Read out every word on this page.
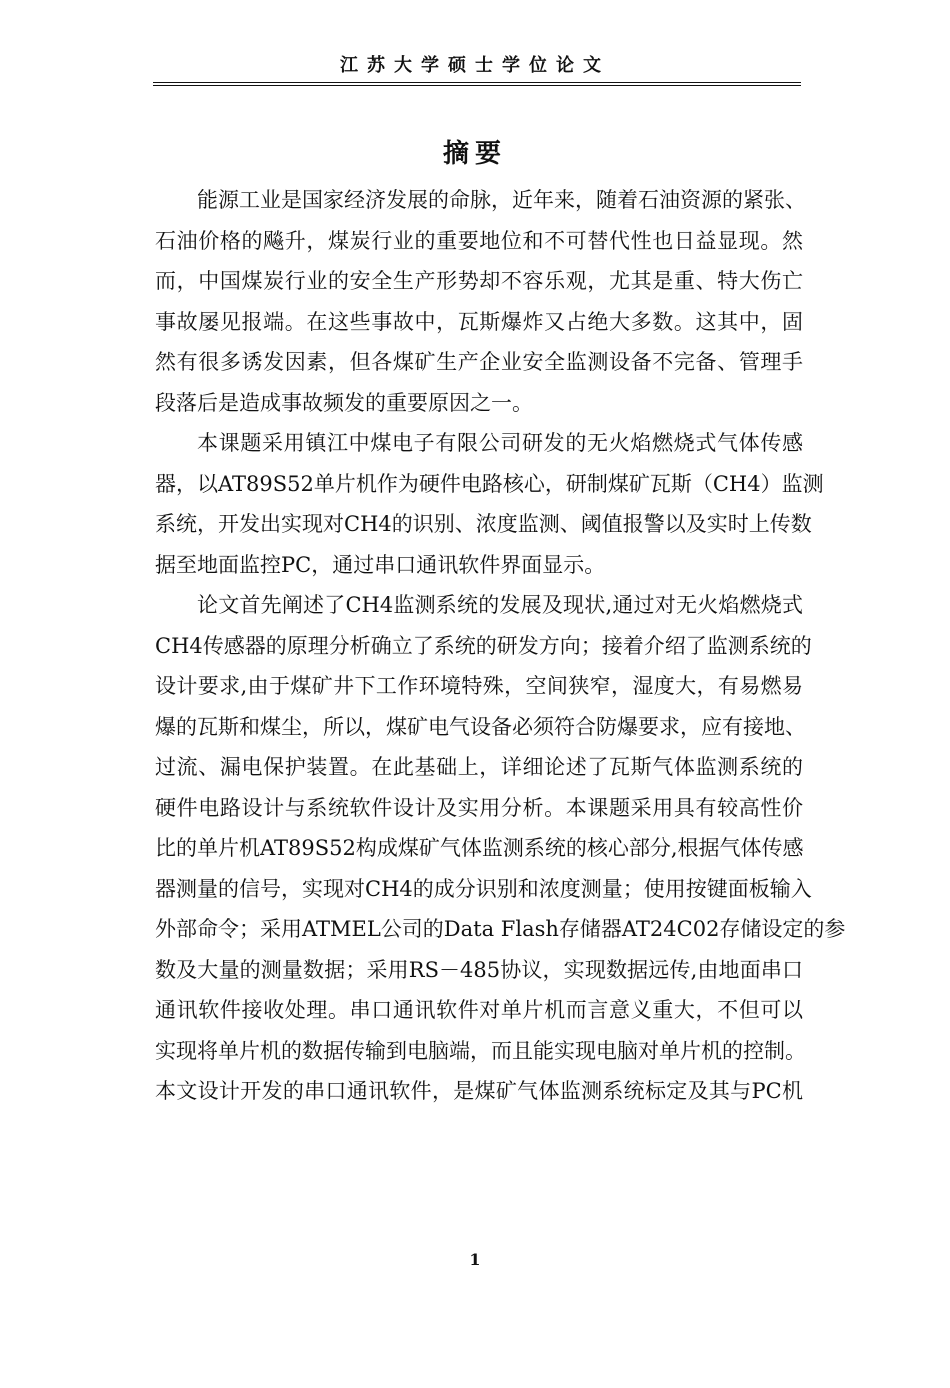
江苏大学硕士学位论文
摘要
能源工业是国家经济发展的命脉，近年来，随着石油资源的紧张、
石油价格的飚升，煤炭行业的重要地位和不可替代性也日益显现。然
而，中国煤炭行业的安全生产形势却不容乐观，尤其是重、特大伤亡
事故屡见报端。在这些事故中，瓦斯爆炸又占绝大多数。这其中，固
然有很多诱发因素，但各煤矿生产企业安全监测设备不完备、管理手
段落后是造成事故频发的重要原因之一。
本课题采用镇江中煤电子有限公司研发的无火焰燃烧式气体传感
器，以AT89S52单片机作为硬件电路核心，研制煤矿瓦斯（CH4）监测
系统，开发出实现对CH4的识别、浓度监测、阈值报警以及实时上传数
据至地面监控PC，通过串口通讯软件界面显示。
论文首先阐述了CH4监测系统的发展及现状,通过对无火焰燃烧式
CH4传感器的原理分析确立了系统的研发方向；接着介绍了监测系统的
设计要求,由于煤矿井下工作环境特殊，空间狭窄，湿度大，有易燃易
爆的瓦斯和煤尘，所以，煤矿电气设备必须符合防爆要求，应有接地、
过流、漏电保护装置。在此基础上，详细论述了瓦斯气体监测系统的
硬件电路设计与系统软件设计及实用分析。本课题采用具有较高性价
比的单片机AT89S52构成煤矿气体监测系统的核心部分,根据气体传感
器测量的信号，实现对CH4的成分识别和浓度测量；使用按键面板输入
外部命令；采用ATMEL公司的Data Flash存储器AT24C02存储设定的参
数及大量的测量数据；采用RS－485协议，实现数据远传,由地面串口
通讯软件接收处理。串口通讯软件对单片机而言意义重大，不但可以
实现将单片机的数据传输到电脑端，而且能实现电脑对单片机的控制。
本文设计开发的串口通讯软件，是煤矿气体监测系统标定及其与PC机
1
